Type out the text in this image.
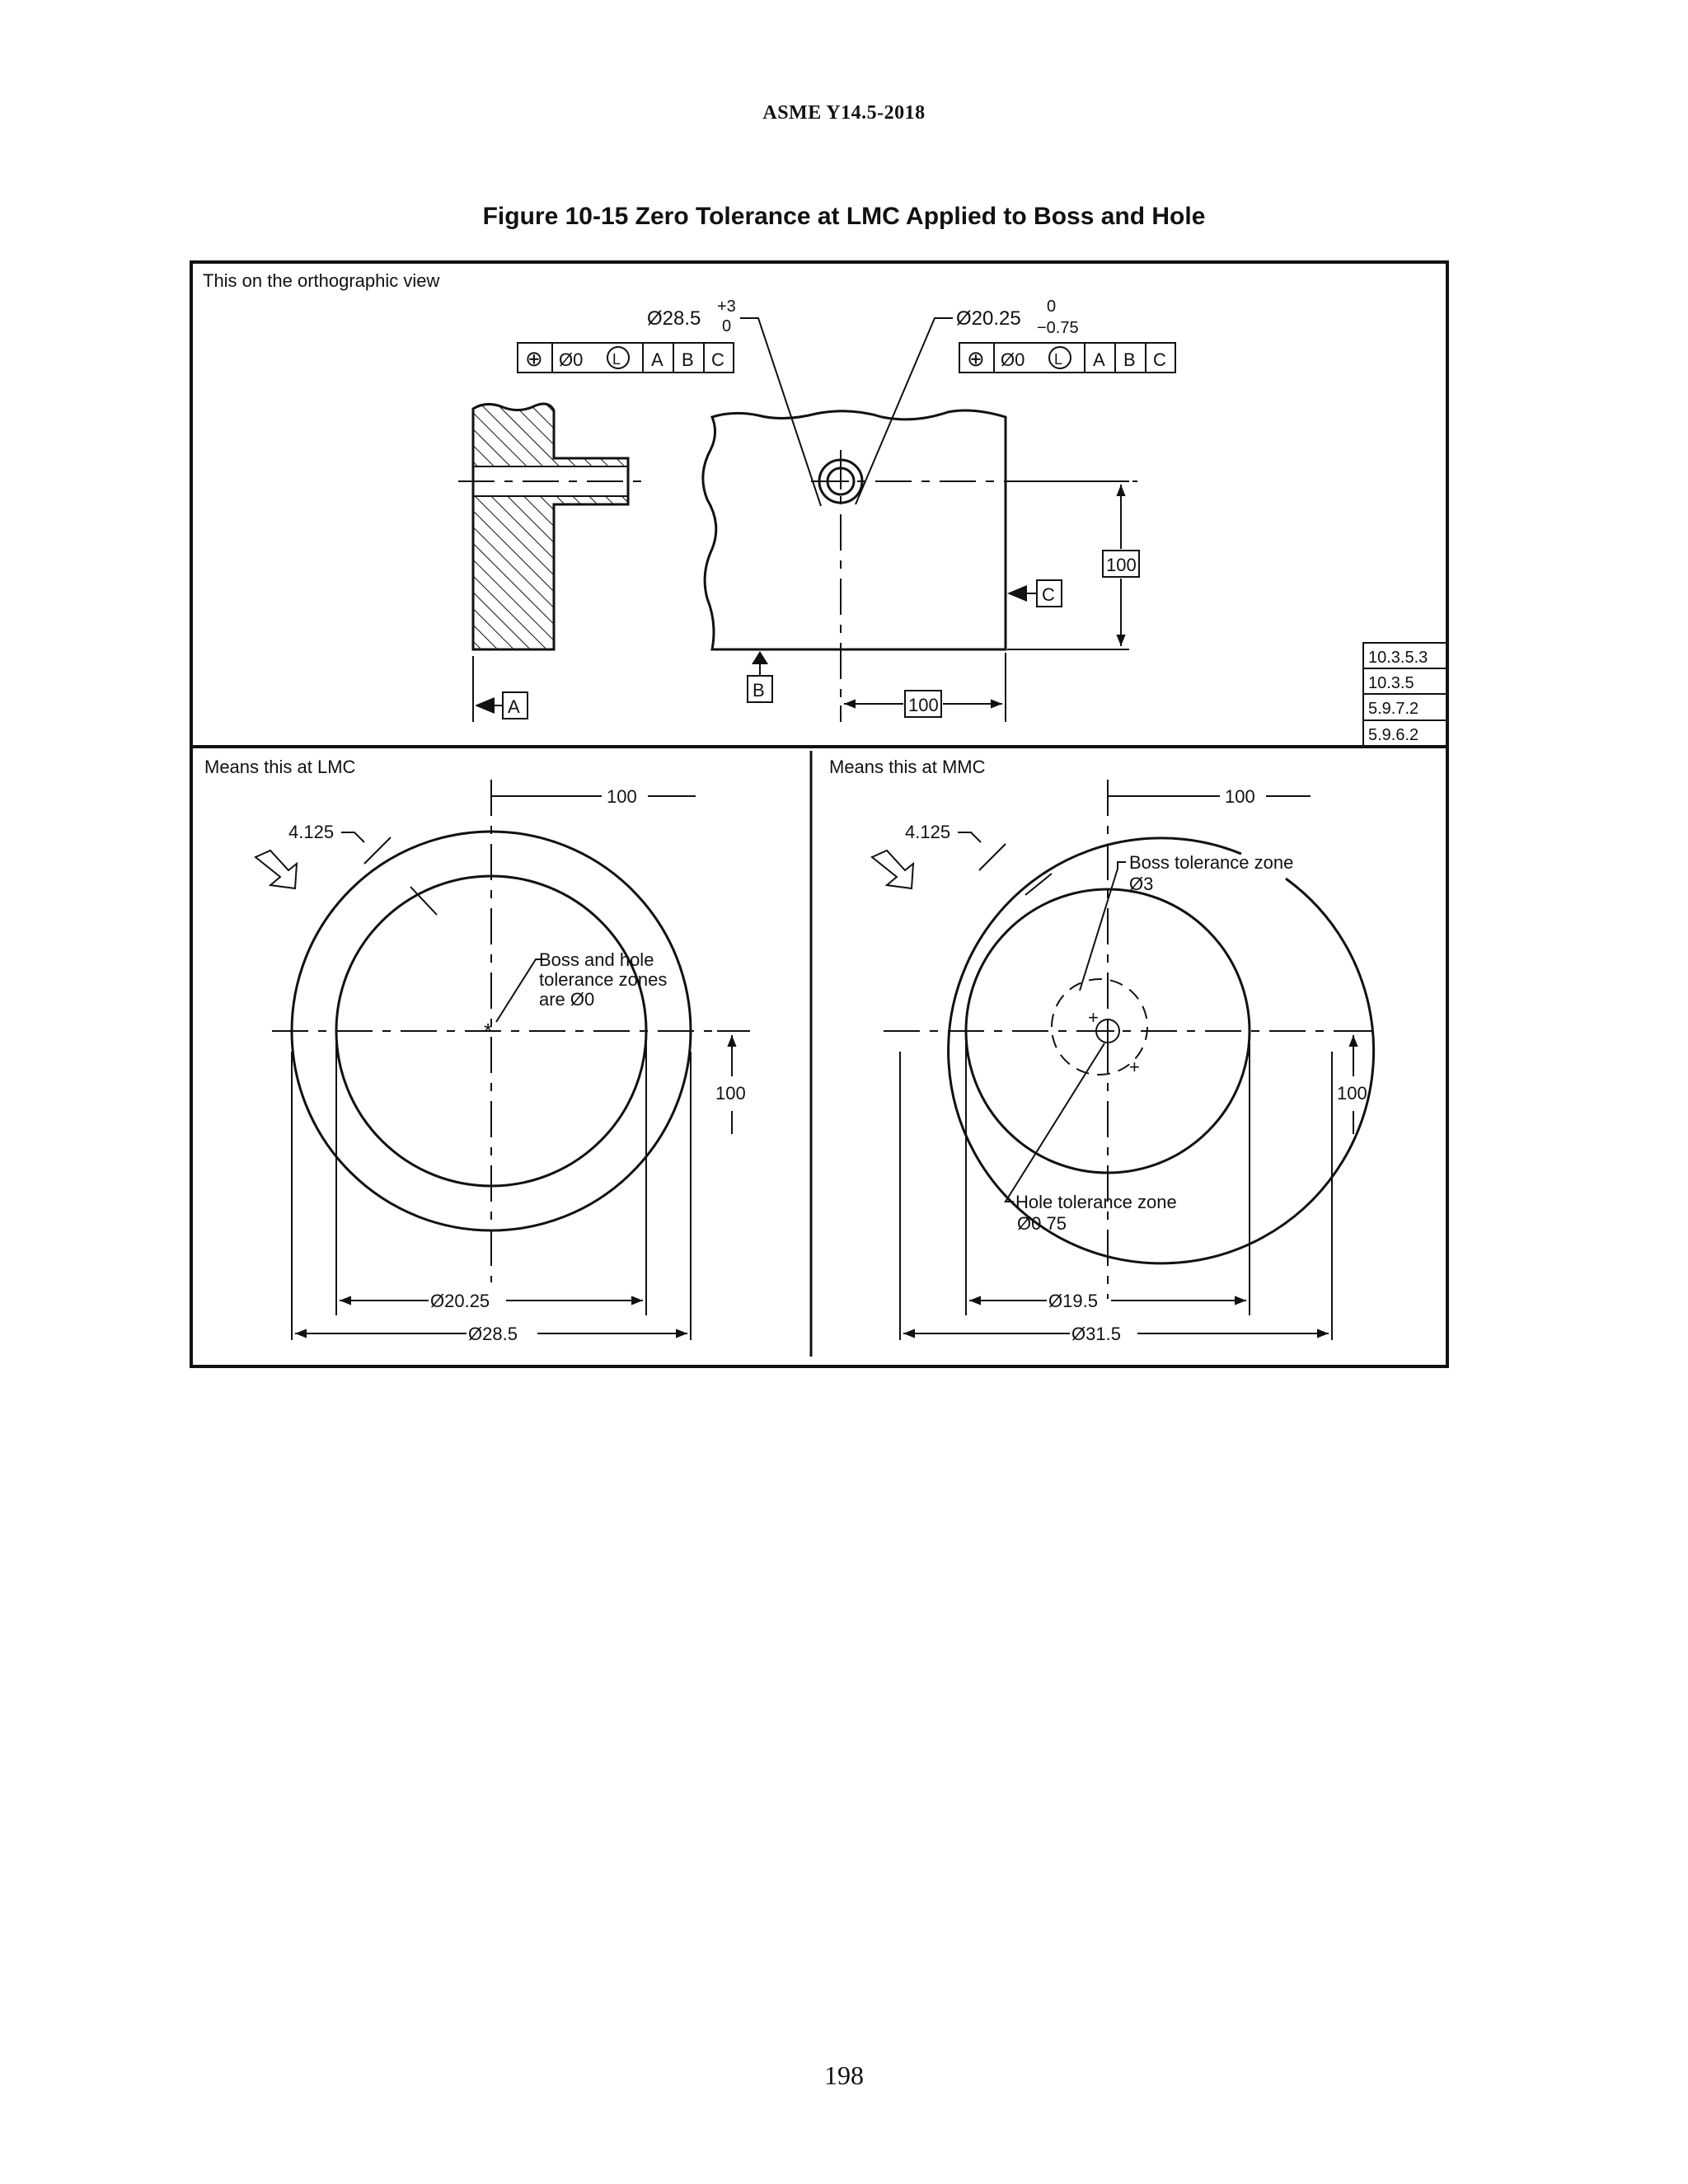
ASME Y14.5-2018
Figure 10-15 Zero Tolerance at LMC Applied to Boss and Hole
This on the orthographic view
Ø28.5
+3
0	Ø20.25
0
−0.75
⊕ Ø0 L A B C	⊕ Ø0 L A B C
A
B
C
100
100
10.3.5.3
10.3.5
5.9.7.2
5.9.6.2
Means this at LMC
*
100
4.125
Boss and hole
tolerance zones
are Ø0
100
Ø20.25
Ø28.5
Means this at MMC
+
+
100
4.125
Boss tolerance zone
Ø3
Hole tolerance zone
Ø0.75
100
Ø19.5
Ø31.5
198
